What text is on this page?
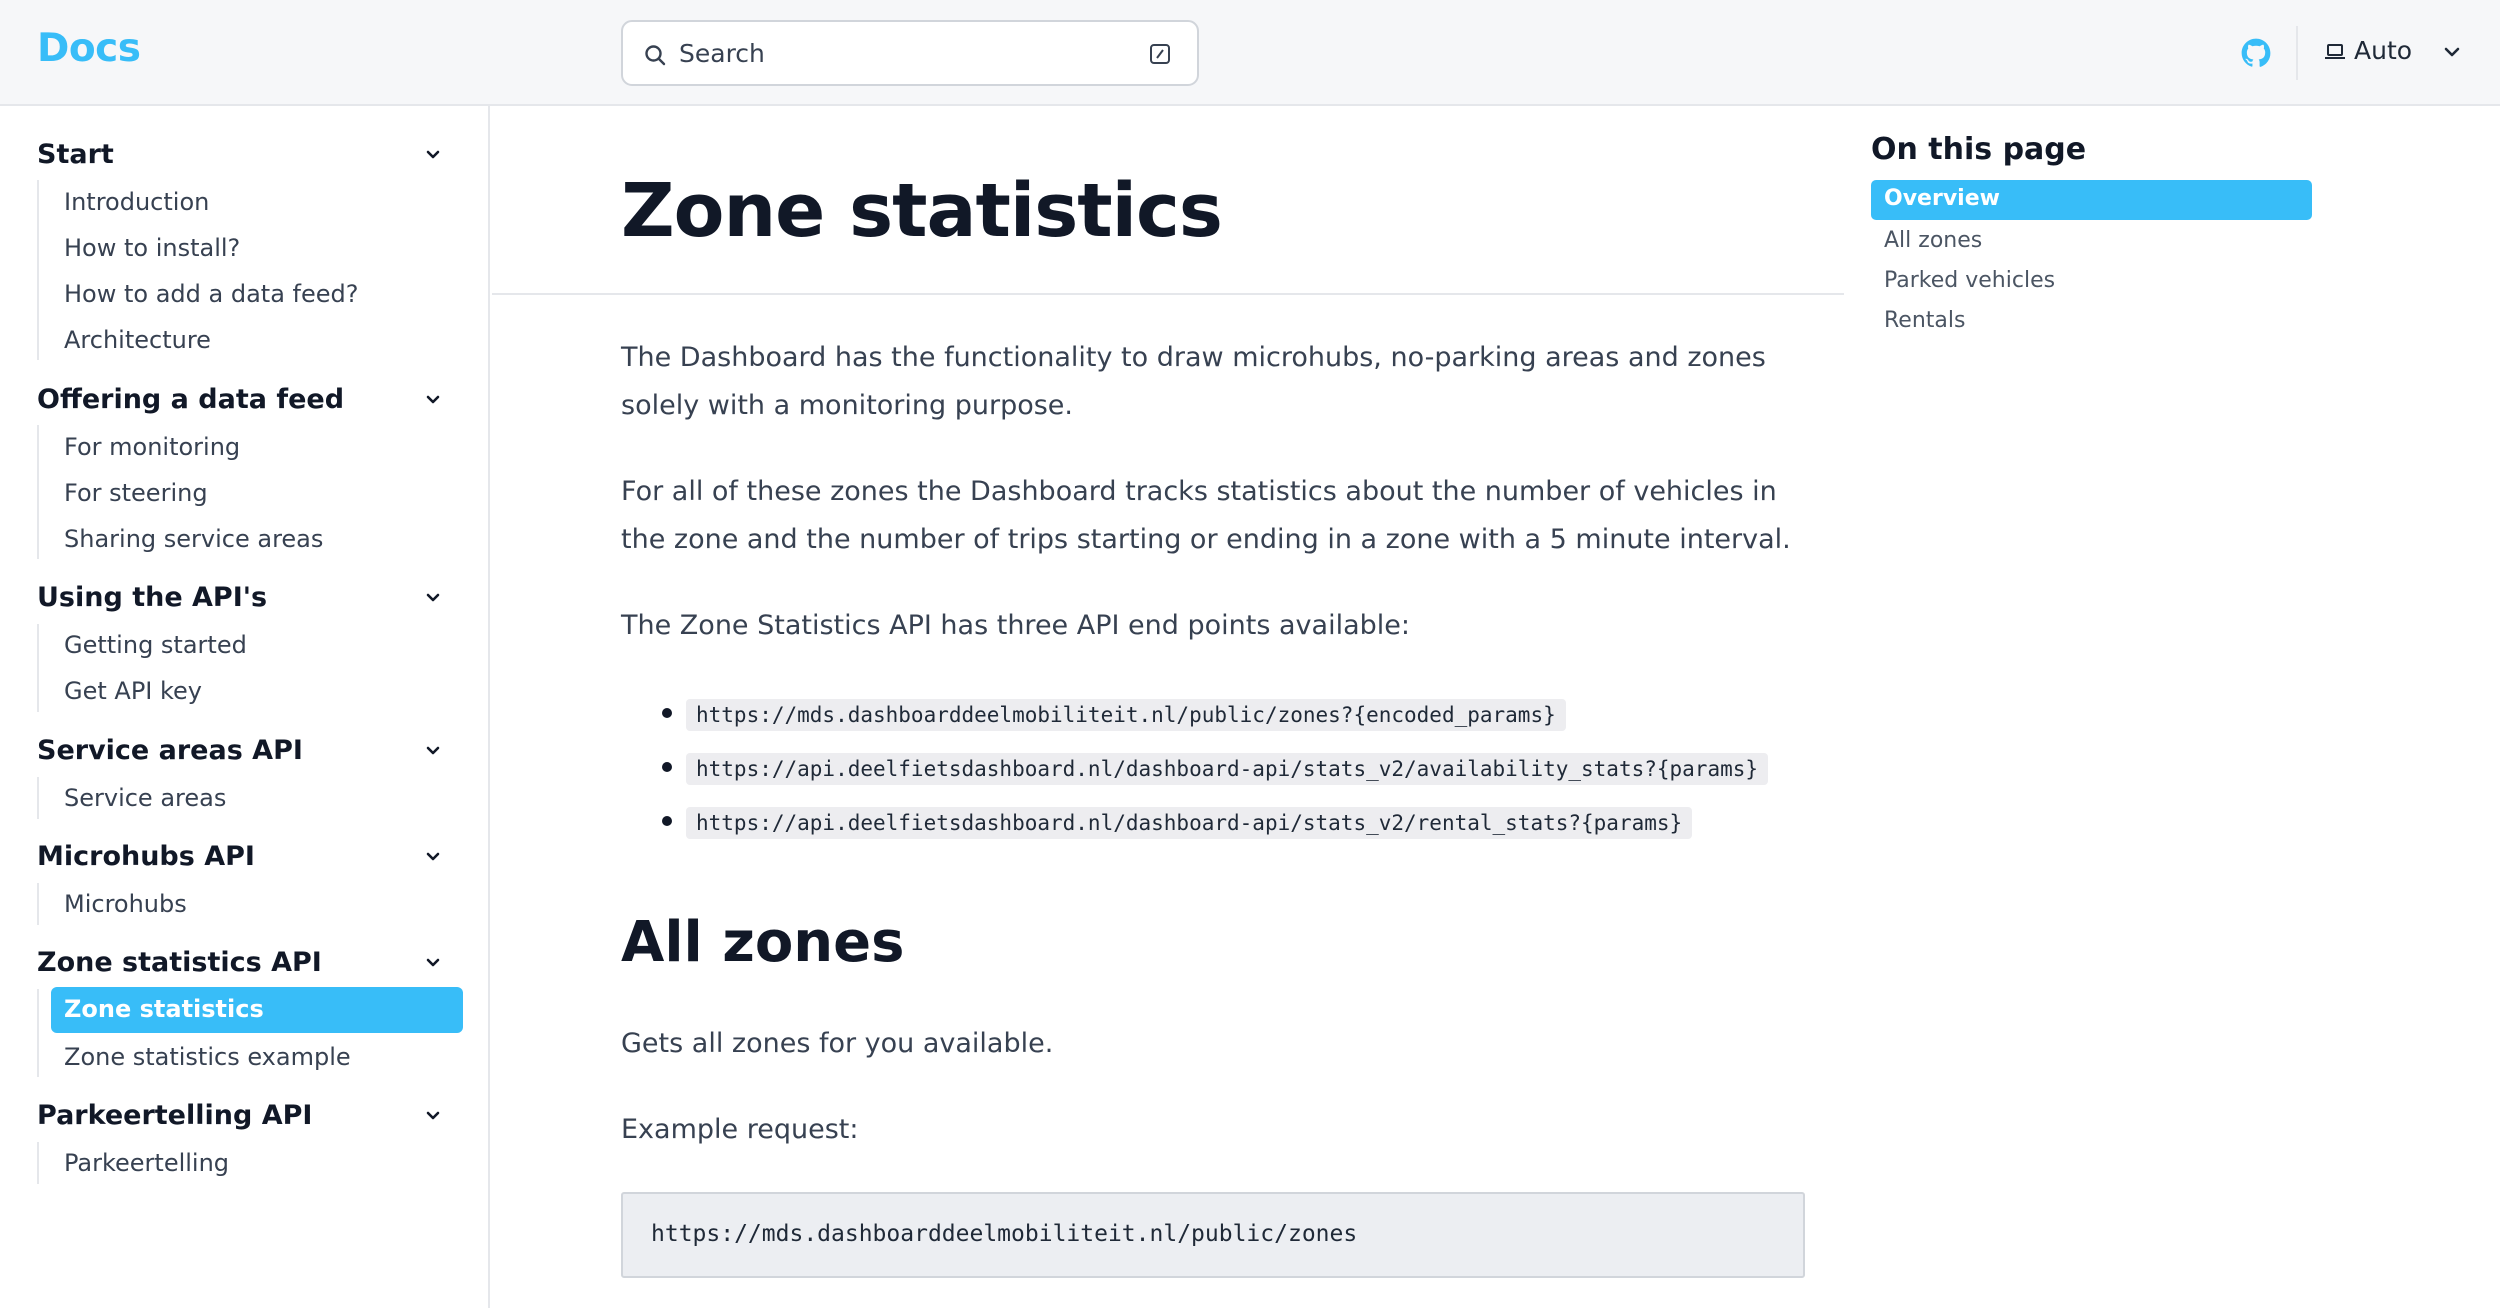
Docs	Search	Auto
Start
Introduction
How to install?
How to add a data feed?
Architecture
Offering a data feed
For monitoring
For steering
Sharing service areas
Using the API's
Getting started
Get API key
Service areas API
Service areas
Microhubs API
Microhubs
Zone statistics API
Zone statistics
Zone statistics example
Parkeertelling API
Parkeertelling
Zone statistics

The Dashboard has the functionality to draw microhubs, no-parking areas and zones solely with a monitoring purpose.

For all of these zones the Dashboard tracks statistics about the number of vehicles in the zone and the number of trips starting or ending in a zone with a 5 minute interval.

The Zone Statistics API has three API end points available:

https://mds.dashboarddeelmobiliteit.nl/public/zones?{encoded_params}
https://api.deelfietsdashboard.nl/dashboard-api/stats_v2/availability_stats?{params}
https://api.deelfietsdashboard.nl/dashboard-api/stats_v2/rental_stats?{params}
All zones

Gets all zones for you available.

Example request:

https://mds.dashboarddeelmobiliteit.nl/public/zones
On this page
Overview
All zones
Parked vehicles
Rentals
